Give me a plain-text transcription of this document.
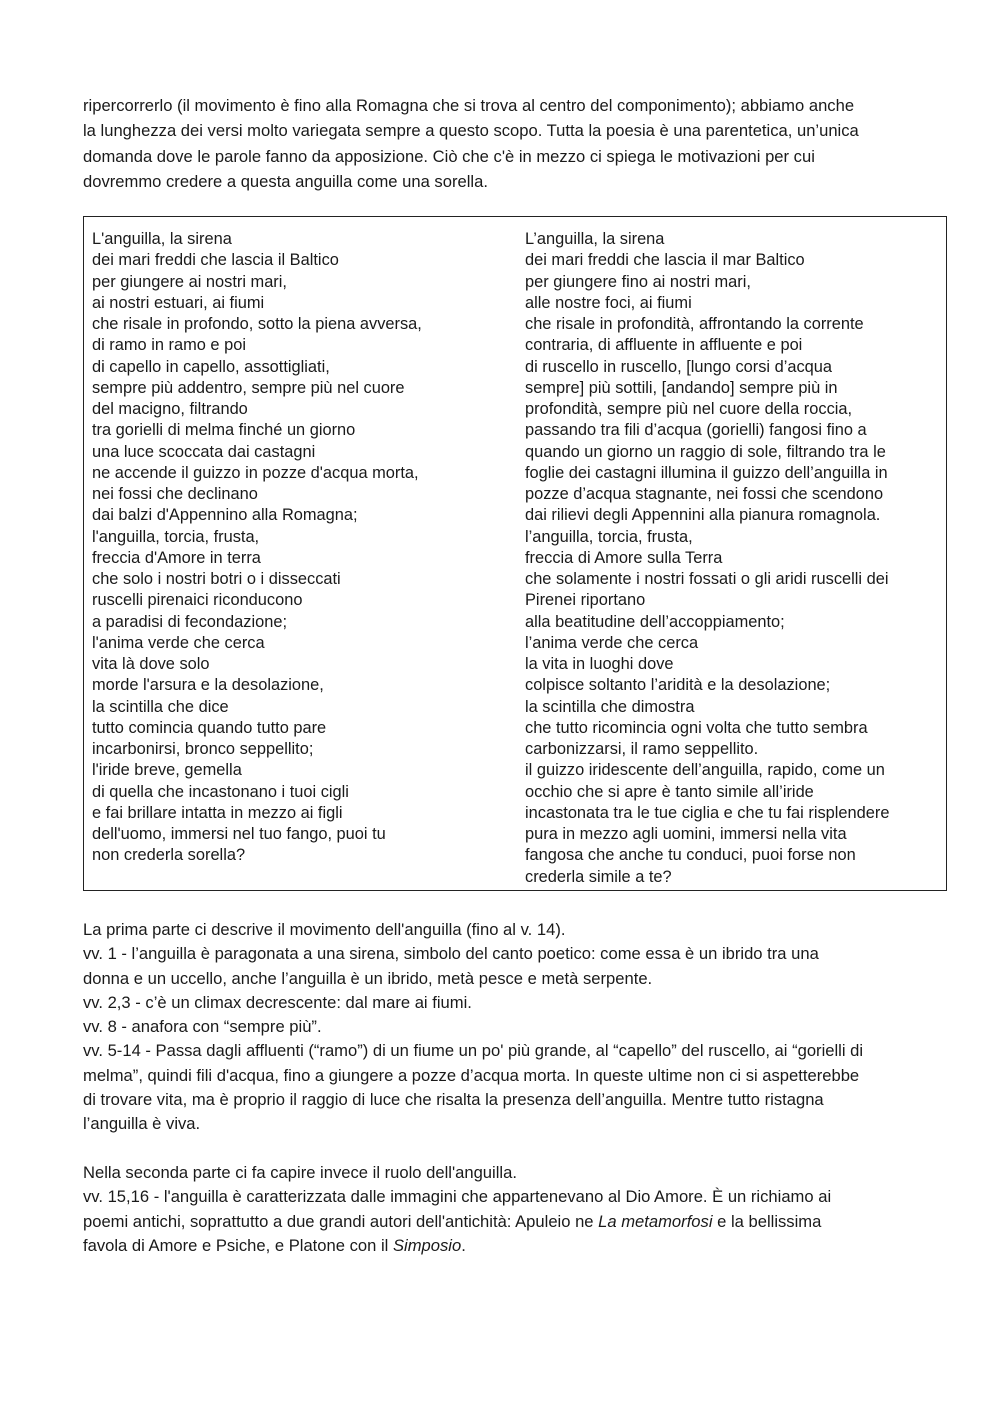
ripercorrerlo (il movimento è fino alla Romagna che si trova al centro del componimento); abbiamo anche

la lunghezza dei versi molto variegata sempre a questo scopo. Tutta la poesia è una parentetica, un’unica

domanda dove le parole fanno da apposizione. Ciò che c'è in mezzo ci spiega le motivazioni per cui

dovremmo credere a questa anguilla come una sorella.

L'anguilla, la sirena
dei mari freddi che lascia il Baltico
per giungere ai nostri mari,
ai nostri estuari, ai fiumi
che risale in profondo, sotto la piena avversa,
di ramo in ramo e poi
di capello in capello, assottigliati,
sempre più addentro, sempre più nel cuore
del macigno, filtrando
tra gorielli di melma finché un giorno
una luce scoccata dai castagni
ne accende il guizzo in pozze d'acqua morta,
nei fossi che declinano
dai balzi d'Appennino alla Romagna;
l'anguilla, torcia, frusta,
freccia d'Amore in terra
che solo i nostri botri o i disseccati
ruscelli pirenaici riconducono
a paradisi di fecondazione;
l'anima verde che cerca
vita là dove solo
morde l'arsura e la desolazione,
la scintilla che dice
tutto comincia quando tutto pare
incarbonirsi, bronco seppellito;
l'iride breve, gemella
di quella che incastonano i tuoi cigli
e fai brillare intatta in mezzo ai figli
dell'uomo, immersi nel tuo fango, puoi tu
non crederla sorella?
L’anguilla, la sirena
dei mari freddi che lascia il mar Baltico
per giungere fino ai nostri mari,
alle nostre foci, ai fiumi
che risale in profondità, affrontando la corrente
contraria, di affluente in affluente e poi
di ruscello in ruscello, [lungo corsi d’acqua
sempre] più sottili, [andando] sempre più in
profondità, sempre più nel cuore della roccia,
passando tra fili d’acqua (gorielli) fangosi fino a
quando un giorno un raggio di sole, filtrando tra le
foglie dei castagni illumina il guizzo dell’anguilla in
pozze d’acqua stagnante, nei fossi che scendono
dai rilievi degli Appennini alla pianura romagnola.
l’anguilla, torcia, frusta,
freccia di Amore sulla Terra
che solamente i nostri fossati o gli aridi ruscelli dei
Pirenei riportano
alla beatitudine dell’accoppiamento;
l’anima verde che cerca
la vita in luoghi dove
colpisce soltanto l’aridità e la desolazione;
la scintilla che dimostra
che tutto ricomincia ogni volta che tutto sembra
carbonizzarsi, il ramo seppellito.
il guizzo iridescente dell’anguilla, rapido, come un
occhio che si apre è tanto simile all’iride
incastonata tra le tue ciglia e che tu fai risplendere
pura in mezzo agli uomini, immersi nella vita
fangosa che anche tu conduci, puoi forse non
crederla simile a te?

La prima parte ci descrive il movimento dell'anguilla (fino al v. 14).

vv. 1 - l’anguilla è paragonata a una sirena, simbolo del canto poetico: come essa è un ibrido tra una

donna e un uccello, anche l’anguilla è un ibrido, metà pesce e metà serpente.

vv. 2,3 - c’è un climax decrescente: dal mare ai fiumi.

vv. 8 - anafora con “sempre più”.

vv. 5-14 - Passa dagli affluenti (“ramo”) di un fiume un po' più grande, al “capello” del ruscello, ai “gorielli di

melma”, quindi fili d'acqua, fino a giungere a pozze d’acqua morta. In queste ultime non ci si aspetterebbe

di trovare vita, ma è proprio il raggio di luce che risalta la presenza dell’anguilla. Mentre tutto ristagna

l’anguilla è viva.

Nella seconda parte ci fa capire invece il ruolo dell'anguilla.

vv. 15,16 - l'anguilla è caratterizzata dalle immagini che appartenevano al Dio Amore. È un richiamo ai

poemi antichi, soprattutto a due grandi autori dell'antichità: Apuleio ne La metamorfosi e la bellissima

favola di Amore e Psiche, e Platone con il Simposio.
